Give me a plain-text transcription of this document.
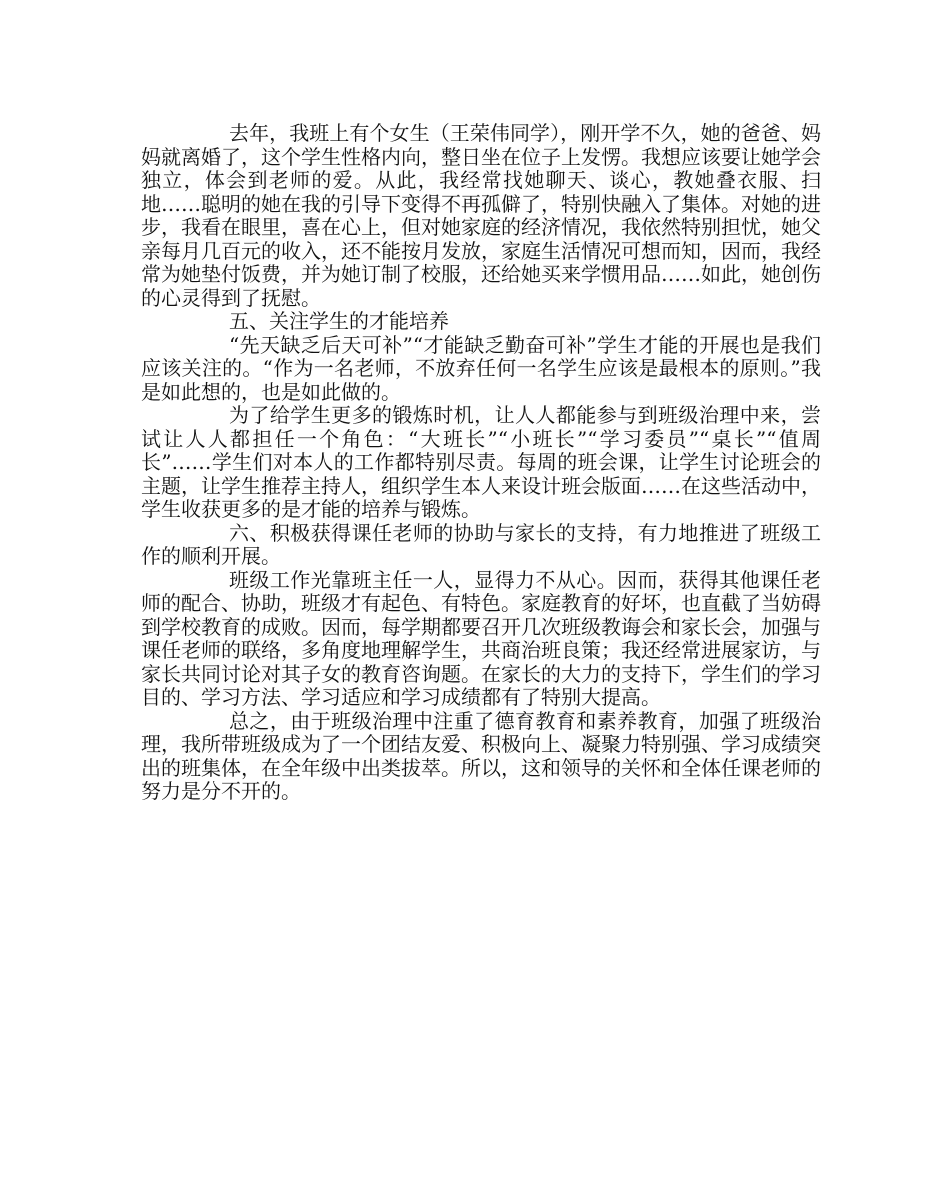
去年，我班上有个女生（王荣伟同学），刚开学不久，她的爸爸、妈妈就离婚了，这个学生性格内向，整日坐在位子上发愣。我想应该要让她学会独立，体会到老师的爱。从此，我经常找她聊天、谈心，教她叠衣服、扫地……聪明的她在我的引导下变得不再孤僻了，特别快融入了集体。对她的进步，我看在眼里，喜在心上，但对她家庭的经济情况，我依然特别担忧，她父亲每月几百元的收入，还不能按月发放，家庭生活情况可想而知，因而，我经常为她垫付饭费，并为她订制了校服，还给她买来学惯用品……如此，她创伤的心灵得到了抚慰。

五、关注学生的才能培养

“先天缺乏后天可补”“才能缺乏勤奋可补”学生才能的开展也是我们应该关注的。“作为一名老师，不放弃任何一名学生应该是最根本的原则。”我是如此想的，也是如此做的。

为了给学生更多的锻炼时机，让人人都能参与到班级治理中来，尝试让人人都担任一个角色：“大班长”“小班长”“学习委员”“桌长”“值周长”……学生们对本人的工作都特别尽责。每周的班会课，让学生讨论班会的主题，让学生推荐主持人，组织学生本人来设计班会版面……在这些活动中，学生收获更多的是才能的培养与锻炼。

六、积极获得课任老师的协助与家长的支持，有力地推进了班级工作的顺利开展。

班级工作光靠班主任一人，显得力不从心。因而，获得其他课任老师的配合、协助，班级才有起色、有特色。家庭教育的好坏，也直截了当妨碍到学校教育的成败。因而，每学期都要召开几次班级教诲会和家长会，加强与课任老师的联络，多角度地理解学生，共商治班良策；我还经常进展家访，与家长共同讨论对其子女的教育咨询题。在家长的大力的支持下，学生们的学习目的、学习方法、学习适应和学习成绩都有了特别大提高。

总之，由于班级治理中注重了德育教育和素养教育，加强了班级治理，我所带班级成为了一个团结友爱、积极向上、凝聚力特别强、学习成绩突出的班集体，在全年级中出类拔萃。所以，这和领导的关怀和全体任课老师的努力是分不开的。
